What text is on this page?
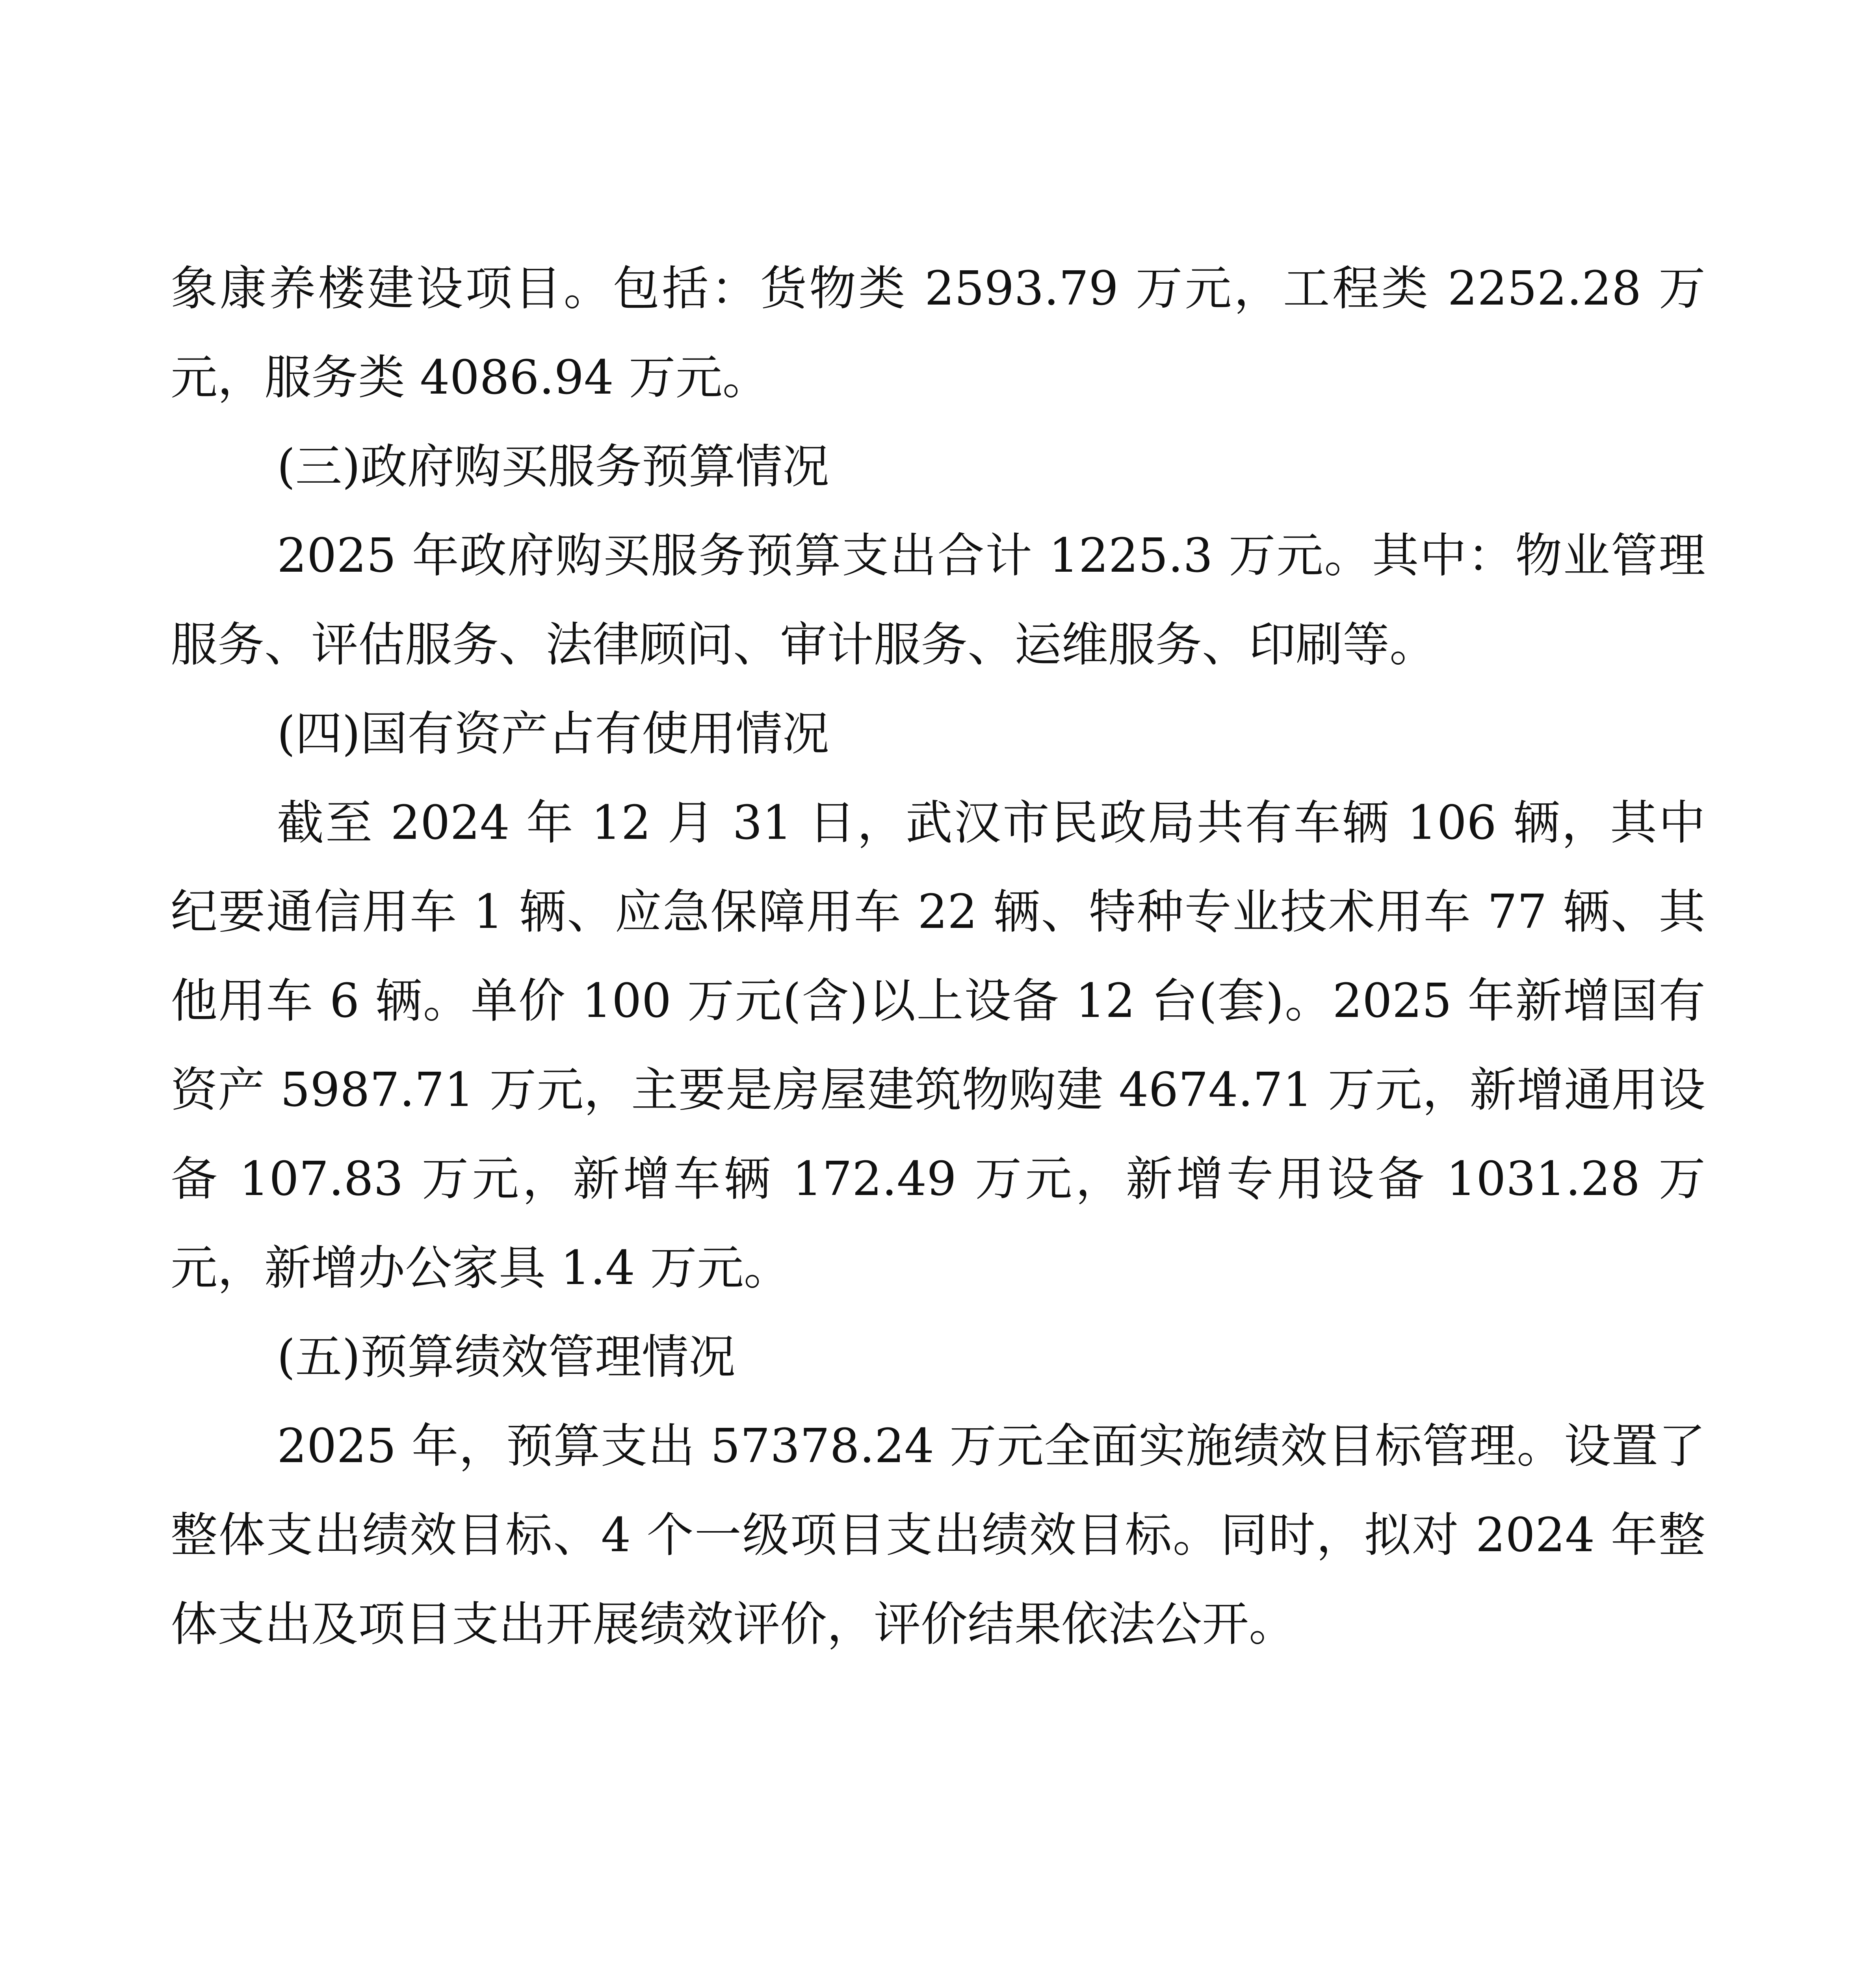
象康养楼建设项目。包括：货物类 2593.79 万元，工程类 2252.28 万元，服务类 4086.94 万元。

(三)政府购买服务预算情况

2025 年政府购买服务预算支出合计 1225.3 万元。其中：物业管理服务、评估服务、法律顾问、审计服务、运维服务、印刷等。

(四)国有资产占有使用情况

截至 2024 年 12 月 31 日，武汉市民政局共有车辆 106 辆，其中纪要通信用车 1 辆、应急保障用车 22 辆、特种专业技术用车 77 辆、其他用车 6 辆。单价 100 万元(含)以上设备 12 台(套)。2025 年新增国有资产 5987.71 万元，主要是房屋建筑物购建 4674.71 万元，新增通用设备 107.83 万元，新增车辆 172.49 万元，新增专用设备 1031.28 万元，新增办公家具 1.4 万元。

(五)预算绩效管理情况

2025 年，预算支出 57378.24 万元全面实施绩效目标管理。设置了整体支出绩效目标、4 个一级项目支出绩效目标。同时，拟对 2024 年整体支出及项目支出开展绩效评价，评价结果依法公开。
